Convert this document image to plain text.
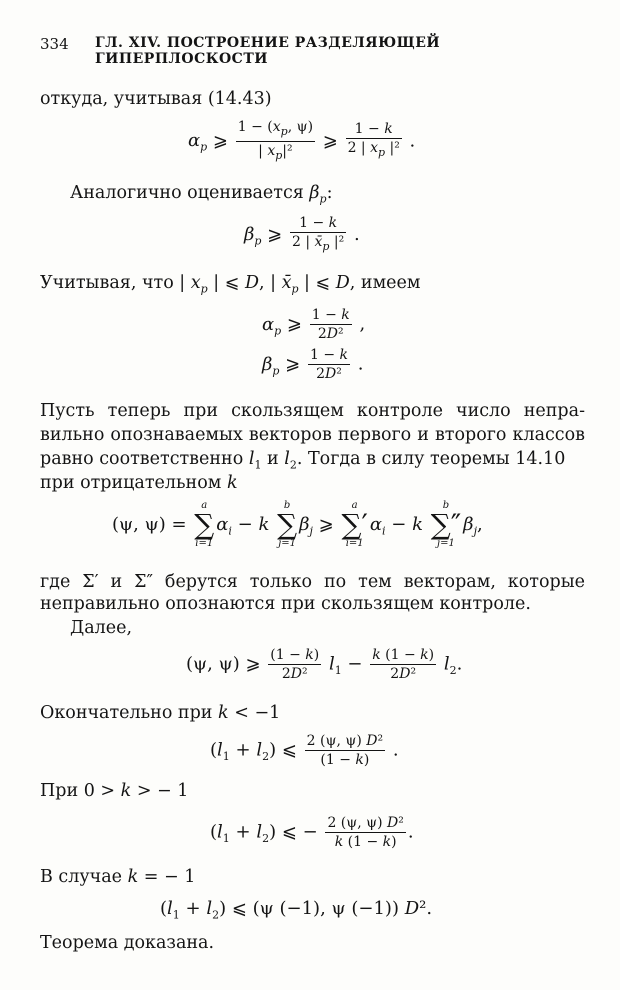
334 ГЛ. XIV. ПОСТРОЕНИЕ РАЗДЕЛЯЮЩЕЙ ГИПЕРПЛОСКОСТИ
откуда, учитывая (14.43)
$\alpha_p$ ⩾ $\frac{1 - (x_p, \psi)}{| x_p|^2}$ ⩾ $\frac{1 - k}{2 | x_p |^2}$ .
Аналогично оценивается $\beta_p$:
$\beta_p$ ⩾ $\frac{1 - k}{2 | x̄_p |^2}$ .
Учитывая, что | $x_p$ | ⩽ D, | $x̄_p$ | ⩽ D, имеем
$\alpha_p$ ⩾ $\frac{1 - k}{\text{2D²}}$ ,
$\beta_p$ ⩾ $\frac{1 - k}{\text{2D²}}$ .
Пусть теперь при скользящем контроле число непра-
вильно опознаваемых векторов первого и второго классов
равно соответственно $l_1$ и $l_2$. Тогда в силу теоремы 14.10
при отрицательном k
(ψ, ψ) =
a
∑
i=1
$\alpha_i - k$
b
∑
j=1
$\beta_j$ ⩾
a
∑′
i=1
$\alpha_i - k$
b
∑″
j=1
$\beta_j$,
где Σ′ и Σ″ берутся только по тем векторам, которые
неправильно опознаются при скользящем контроле.
Далее,
(ψ, ψ) ⩾ $\frac{(1 - k)}{\text{2D²}} l_1 - \frac{k (1 - k)}{\text{2D²}} l_2$.
Окончательно при k < −1
$(l_1 + l_2)$ ⩽ $\frac{\text{2 (ψ, ψ) D²}}{(1 - k)}$ .
При 0 > k > − 1
$(l_1 + l_2)$ ⩽ − $\frac{\text{2 (ψ, ψ) D²}}{k (1 - k)}$ .
В случае k = − 1
$(l_1 + l_2)$ ⩽ (ψ (−1), ψ (−1)) D².
Теорема доказана.
